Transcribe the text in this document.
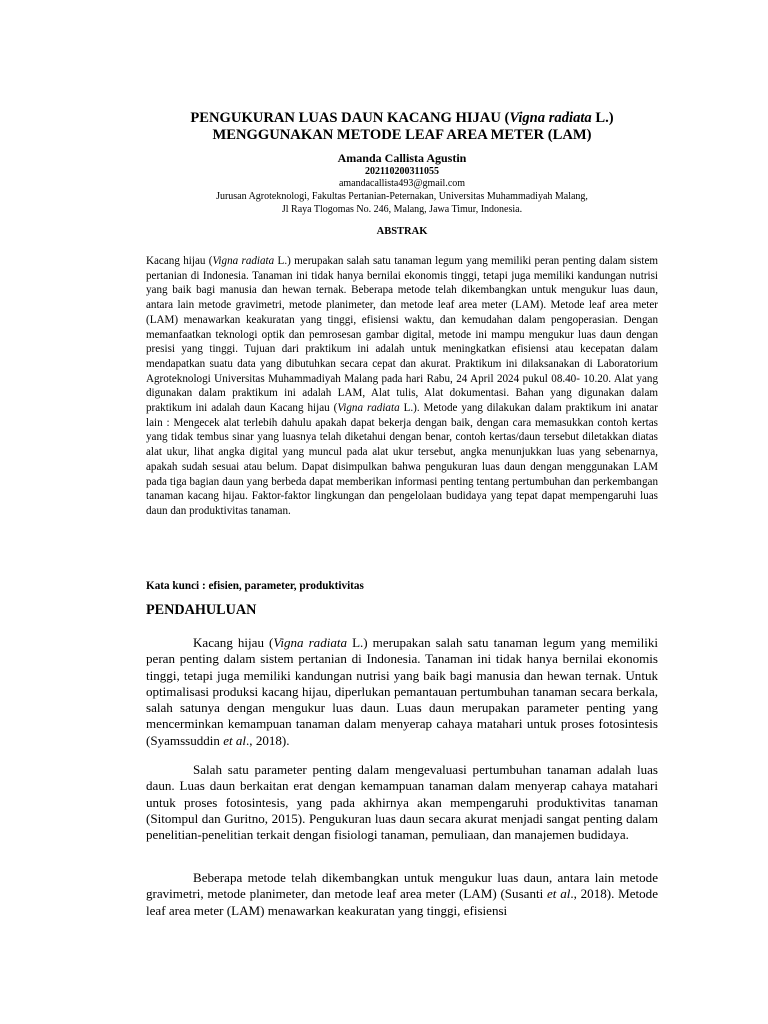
PENGUKURAN LUAS DAUN KACANG HIJAU (Vigna radiata L.)
MENGGUNAKAN METODE LEAF AREA METER (LAM)
Amanda Callista Agustin
202110200311055
amandacallista493@gmail.com
Jurusan Agroteknologi, Fakultas Pertanian-Peternakan, Universitas Muhammadiyah Malang,
Jl Raya Tlogomas No. 246, Malang, Jawa Timur, Indonesia.
ABSTRAK

Kacang hijau (Vigna radiata L.) merupakan salah satu tanaman legum yang memiliki peran penting dalam sistem pertanian di Indonesia. Tanaman ini tidak hanya bernilai ekonomis tinggi, tetapi juga memiliki kandungan nutrisi yang baik bagi manusia dan hewan ternak. Beberapa metode telah dikembangkan untuk mengukur luas daun, antara lain metode gravimetri, metode planimeter, dan metode leaf area meter (LAM). Metode leaf area meter (LAM) menawarkan keakuratan yang tinggi, efisiensi waktu, dan kemudahan dalam pengoperasian. Dengan memanfaatkan teknologi optik dan pemrosesan gambar digital, metode ini mampu mengukur luas daun dengan presisi yang tinggi. Tujuan dari praktikum ini adalah untuk meningkatkan efisiensi atau kecepatan dalam mendapatkan suatu data yang dibutuhkan secara cepat dan akurat. Praktikum ini dilaksanakan di Laboratorium Agroteknologi Universitas Muhammadiyah Malang pada hari Rabu, 24 April 2024 pukul 08.40- 10.20. Alat yang digunakan dalam praktikum ini adalah LAM, Alat tulis, Alat dokumentasi. Bahan yang digunakan dalam praktikum ini adalah daun Kacang hijau (Vigna radiata L.). Metode yang dilakukan dalam praktikum ini anatar lain : Mengecek alat terlebih dahulu apakah dapat bekerja dengan baik, dengan cara memasukkan contoh kertas yang tidak tembus sinar yang luasnya telah diketahui dengan benar, contoh kertas/daun tersebut diletakkan diatas alat ukur, lihat angka digital yang muncul pada alat ukur tersebut, angka menunjukkan luas yang sebenarnya, apakah sudah sesuai atau belum. Dapat disimpulkan bahwa pengukuran luas daun dengan menggunakan LAM pada tiga bagian daun yang berbeda dapat memberikan informasi penting tentang pertumbuhan dan perkembangan tanaman kacang hijau. Faktor-faktor lingkungan dan pengelolaan budidaya yang tepat dapat mempengaruhi luas daun dan produktivitas tanaman.

Kata kunci : efisien, parameter, produktivitas
PENDAHULUAN

Kacang hijau (Vigna radiata L.) merupakan salah satu tanaman legum yang memiliki peran penting dalam sistem pertanian di Indonesia. Tanaman ini tidak hanya bernilai ekonomis tinggi, tetapi juga memiliki kandungan nutrisi yang baik bagi manusia dan hewan ternak. Untuk optimalisasi produksi kacang hijau, diperlukan pemantauan pertumbuhan tanaman secara berkala, salah satunya dengan mengukur luas daun. Luas daun merupakan parameter penting yang mencerminkan kemampuan tanaman dalam menyerap cahaya matahari untuk proses fotosintesis (Syamssuddin et al., 2018).

Salah satu parameter penting dalam mengevaluasi pertumbuhan tanaman adalah luas daun. Luas daun berkaitan erat dengan kemampuan tanaman dalam menyerap cahaya matahari untuk proses fotosintesis, yang pada akhirnya akan mempengaruhi produktivitas tanaman (Sitompul dan Guritno, 2015). Pengukuran luas daun secara akurat menjadi sangat penting dalam penelitian-penelitian terkait dengan fisiologi tanaman, pemuliaan, dan manajemen budidaya.

Beberapa metode telah dikembangkan untuk mengukur luas daun, antara lain metode gravimetri, metode planimeter, dan metode leaf area meter (LAM) (Susanti et al., 2018). Metode leaf area meter (LAM) menawarkan keakuratan yang tinggi, efisiensi
